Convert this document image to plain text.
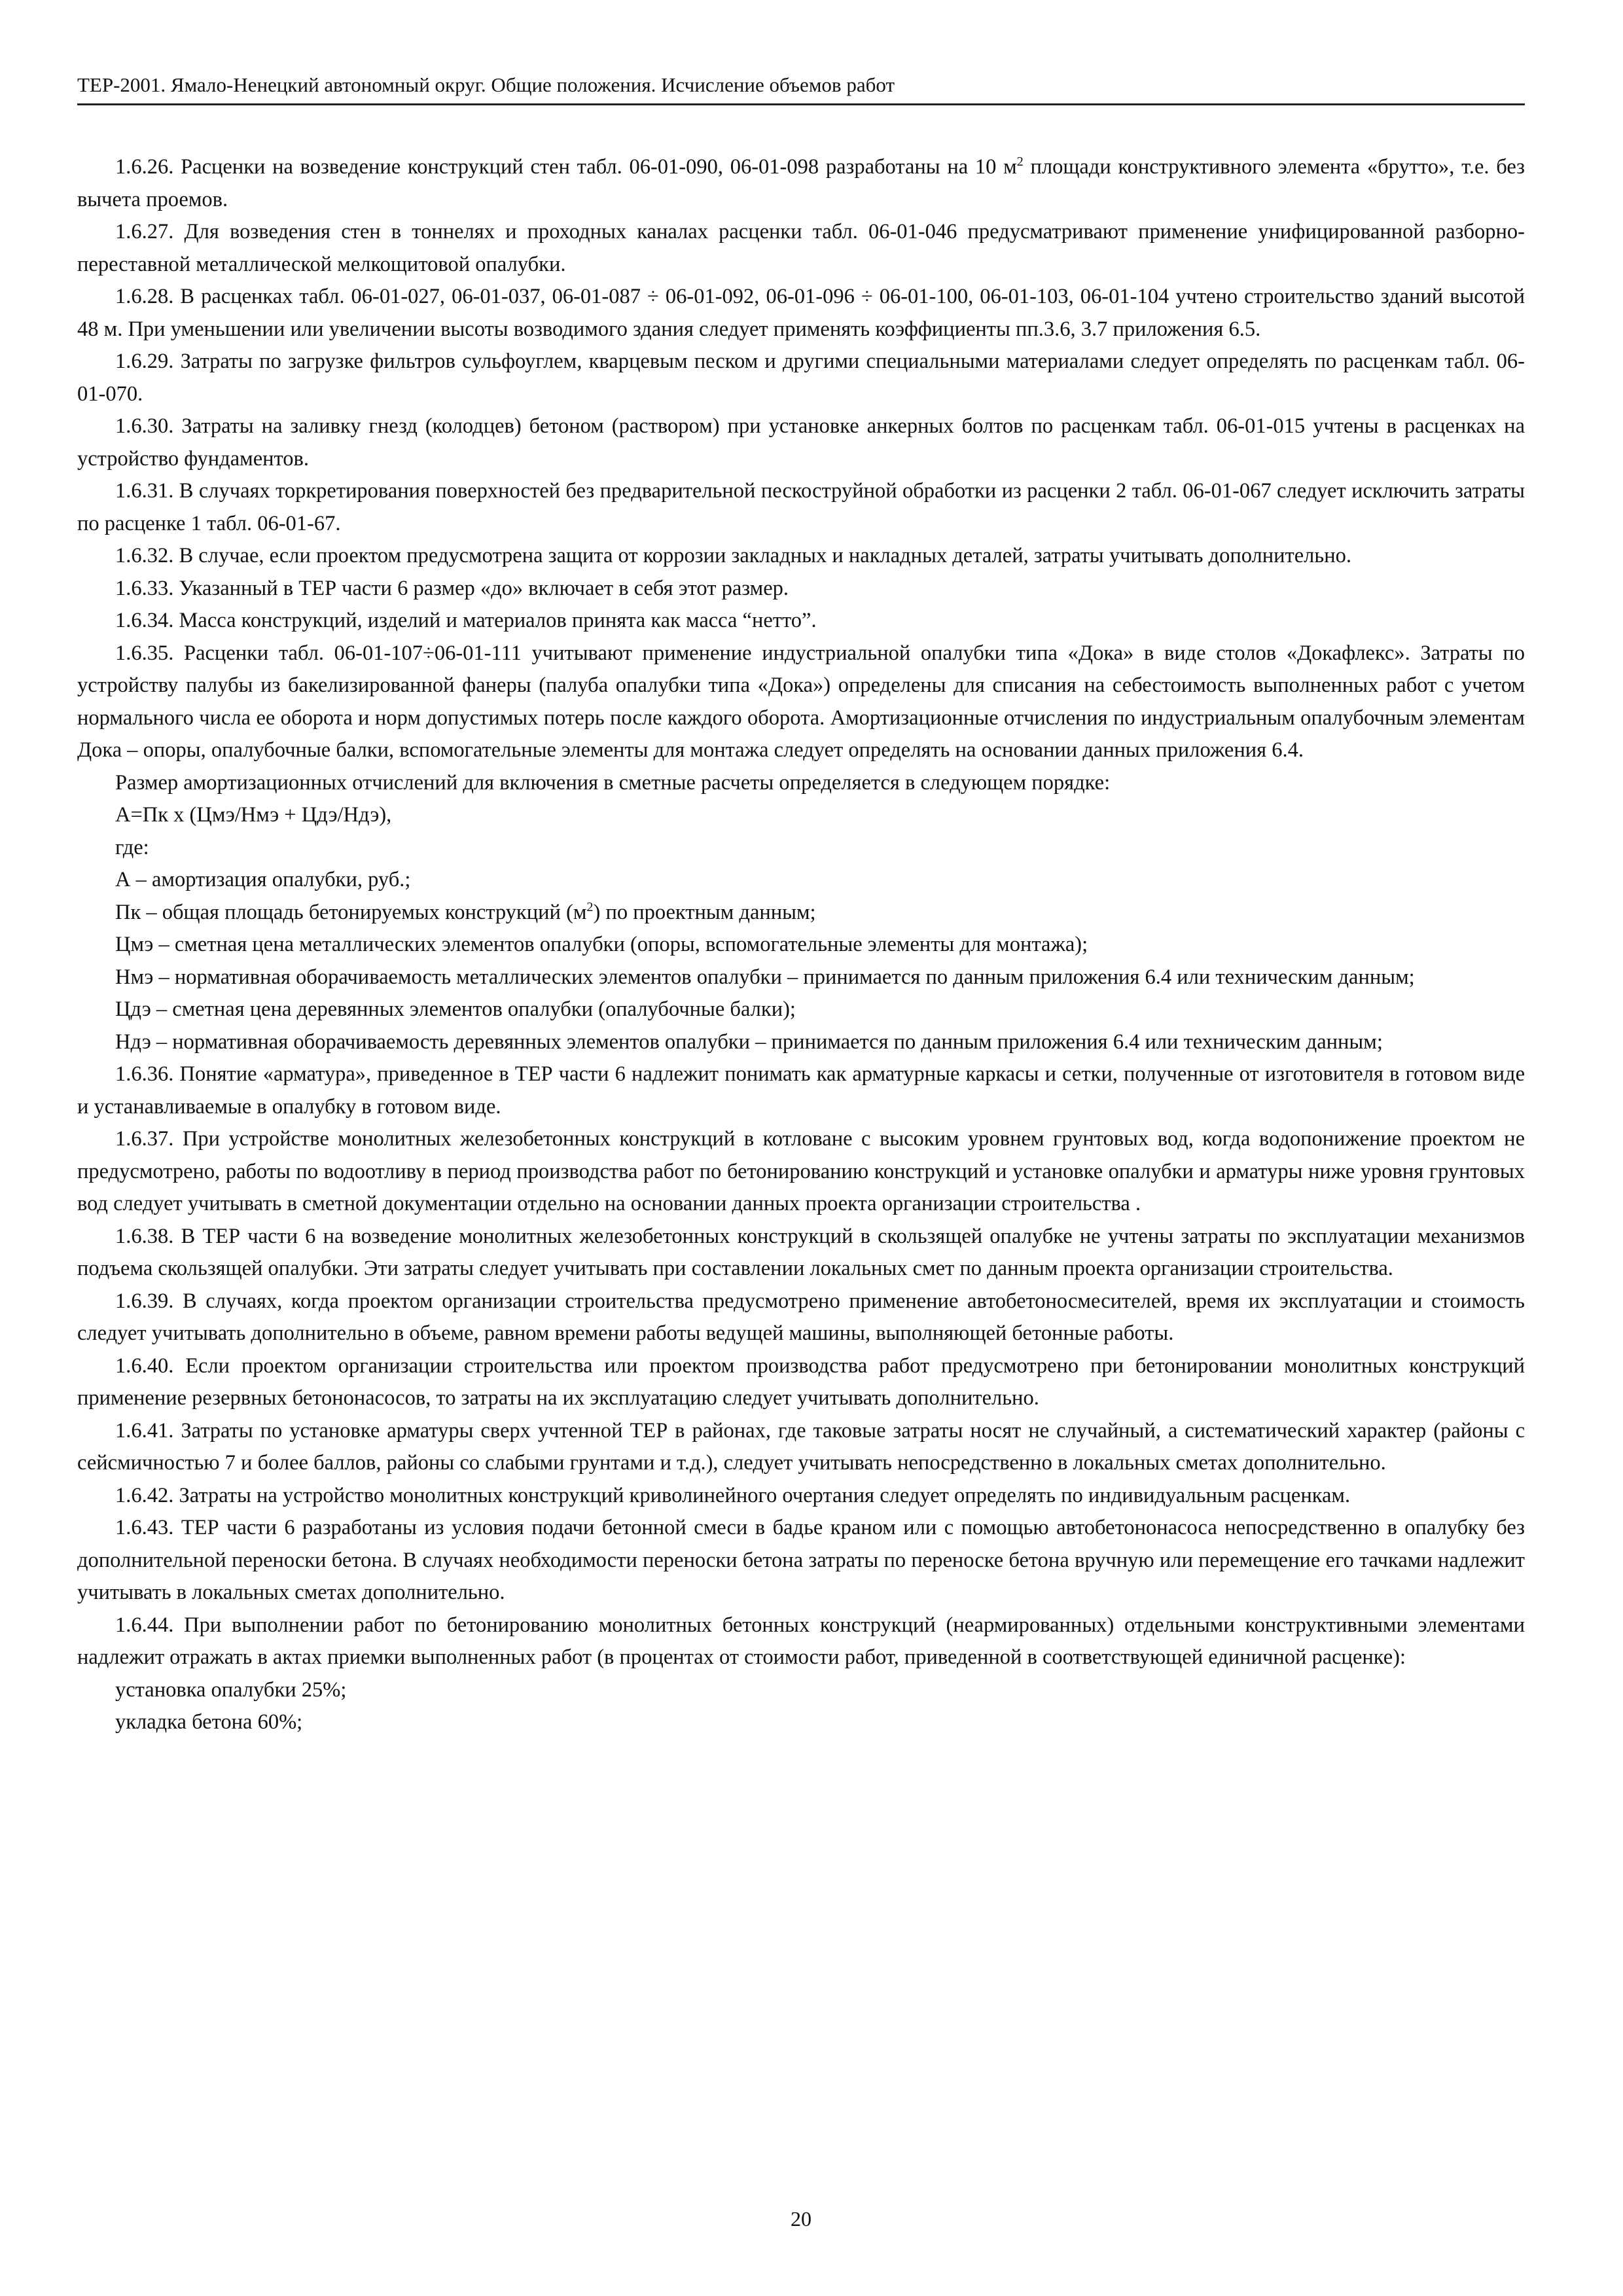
ТЕР-2001. Ямало-Ненецкий автономный округ. Общие положения. Исчисление объемов работ

1.6.26. Расценки на возведение конструкций стен табл. 06-01-090, 06-01-098 разработаны на 10 $м^2$ площади конструктивного элемента «брутто», т.е. без вычета проемов.

1.6.27. Для возведения стен в тоннелях и проходных каналах расценки табл. 06-01-046 предусматривают применение унифицированной разборно-переставной металлической мелкощитовой опалубки.

1.6.28. В расценках табл. 06-01-027, 06-01-037, 06-01-087 ÷ 06-01-092, 06-01-096 ÷ 06-01-100, 06-01-103, 06-01-104 учтено строительство зданий высотой 48 м. При уменьшении или увеличении высоты возводимого здания следует применять коэффициенты пп.3.6, 3.7 приложения 6.5.

1.6.29. Затраты по загрузке фильтров сульфоуглем, кварцевым песком и другими специальными материалами следует определять по расценкам табл. 06-01-070.

1.6.30. Затраты на заливку гнезд (колодцев) бетоном (раствором) при установке анкерных болтов по расценкам табл. 06-01-015 учтены в расценках на устройство фундаментов.

1.6.31. В случаях торкретирования поверхностей без предварительной пескоструйной обработки из расценки 2 табл. 06-01-067 следует исключить затраты по расценке 1 табл. 06-01-67.

1.6.32. В случае, если проектом предусмотрена защита от коррозии закладных и накладных деталей, затраты учитывать дополнительно.

1.6.33. Указанный в ТЕР части 6 размер «до» включает в себя этот размер.

1.6.34. Масса конструкций, изделий и материалов принята как масса “нетто”.

1.6.35. Расценки табл. 06-01-107÷06-01-111 учитывают применение индустриальной опалубки типа «Дока» в виде столов «Докафлекс». Затраты по устройству палубы из бакелизированной фанеры (палуба опалубки типа «Дока») определены для списания на себестоимость выполненных работ с учетом нормального числа ее оборота и норм допустимых потерь после каждого оборота. Амортизационные отчисления по индустриальным опалубочным элементам Дока – опоры, опалубочные балки, вспомогательные элементы для монтажа следует определять на основании данных приложения 6.4.

Размер амортизационных отчислений для включения в сметные расчеты определяется в следующем порядке:

А=Пк х (Цмэ/Нмэ + Цдэ/Ндэ),

где:

А – амортизация опалубки, руб.;

Пк – общая площадь бетонируемых конструкций $(м^2)$ по проектным данным;

Цмэ – сметная цена металлических элементов опалубки (опоры, вспомогательные элементы для монтажа);

Нмэ – нормативная оборачиваемость металлических элементов опалубки – принимается по данным приложения 6.4 или техническим данным;

Цдэ – сметная цена деревянных элементов опалубки (опалубочные балки);

Ндэ – нормативная оборачиваемость деревянных элементов опалубки – принимается по данным приложения 6.4 или техническим данным;

1.6.36. Понятие «арматура», приведенное в ТЕР части 6 надлежит понимать как арматурные каркасы и сетки, полученные от изготовителя в готовом виде и устанавливаемые в опалубку в готовом виде.

1.6.37. При устройстве монолитных железобетонных конструкций в котловане с высоким уровнем грунтовых вод, когда водопонижение проектом не предусмотрено, работы по водоотливу в период производства работ по бетонированию конструкций и установке опалубки и арматуры ниже уровня грунтовых вод следует учитывать в сметной документации отдельно на основании данных проекта организации строительства .

1.6.38. В ТЕР части 6 на возведение монолитных железобетонных конструкций в скользящей опалубке не учтены затраты по эксплуатации механизмов подъема скользящей опалубки. Эти затраты следует учитывать при составлении локальных смет по данным проекта организации строительства.

1.6.39. В случаях, когда проектом организации строительства предусмотрено применение автобетоносмесителей, время их эксплуатации и стоимость следует учитывать дополнительно в объеме, равном времени работы ведущей машины, выполняющей бетонные работы.

1.6.40. Если проектом организации строительства или проектом производства работ предусмотрено при бетонировании монолитных конструкций применение резервных бетононасосов, то затраты на их эксплуатацию следует учитывать дополнительно.

1.6.41. Затраты по установке арматуры сверх учтенной ТЕР в районах, где таковые затраты носят не случайный, а систематический характер (районы с сейсмичностью 7 и более баллов, районы со слабыми грунтами и т.д.), следует учитывать непосредственно в локальных сметах дополнительно.

1.6.42. Затраты на устройство монолитных конструкций криволинейного очертания следует определять по индивидуальным расценкам.

1.6.43. ТЕР части 6 разработаны из условия подачи бетонной смеси в бадье краном или с помощью автобетононасоса непосредственно в опалубку без дополнительной переноски бетона. В случаях необходимости переноски бетона затраты по переноске бетона вручную или перемещение его тачками надлежит учитывать в локальных сметах дополнительно.

1.6.44. При выполнении работ по бетонированию монолитных бетонных конструкций (неармированных) отдельными конструктивными элементами надлежит отражать в актах приемки выполненных работ (в процентах от стоимости работ, приведенной в соответствующей единичной расценке):

установка опалубки 25%;

укладка бетона 60%;

20
